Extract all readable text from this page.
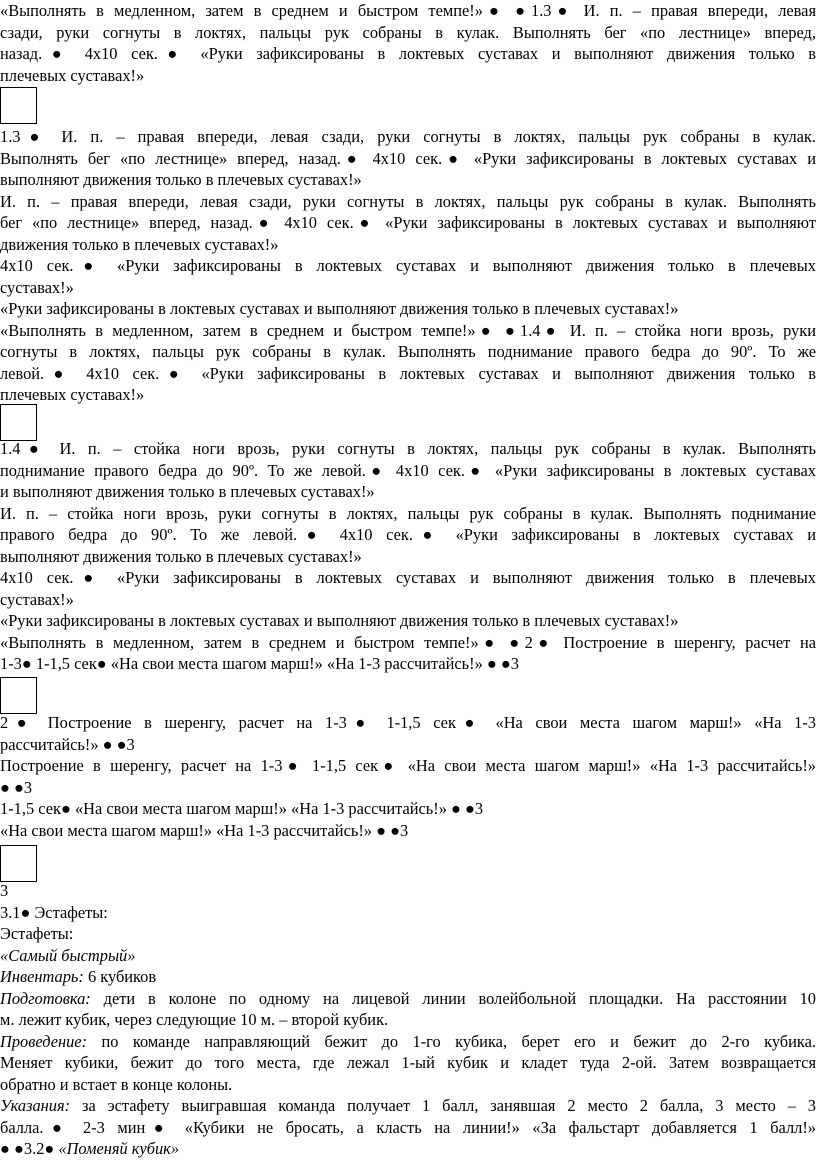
«Выполнять в медленном, затем в среднем и быстром темпе!»● ●1.3● И. п. – правая впереди, левая
сзади, руки согнуты в локтях, пальцы рук собраны в кулак. Выполнять бег «по лестнице» вперед,
назад.● 4х10 сек.● «Руки зафиксированы в локтевых суставах и выполняют движения только в
плечевых суставах!»
1.3● И. п. – правая впереди, левая сзади, руки согнуты в локтях, пальцы рук собраны в кулак.
Выполнять бег «по лестнице» вперед, назад.● 4х10 сек.● «Руки зафиксированы в локтевых суставах и
выполняют движения только в плечевых суставах!»
И. п. – правая впереди, левая сзади, руки согнуты в локтях, пальцы рук собраны в кулак. Выполнять
бег «по лестнице» вперед, назад.● 4х10 сек.● «Руки зафиксированы в локтевых суставах и выполняют
движения только в плечевых суставах!»
4х10 сек.● «Руки зафиксированы в локтевых суставах и выполняют движения только в плечевых
суставах!»
«Руки зафиксированы в локтевых суставах и выполняют движения только в плечевых суставах!»
«Выполнять в медленном, затем в среднем и быстром темпе!»● ●1.4● И. п. – стойка ноги врозь, руки
согнуты в локтях, пальцы рук собраны в кулак. Выполнять поднимание правого бедра до 90º. То же
левой.● 4х10 сек.● «Руки зафиксированы в локтевых суставах и выполняют движения только в
плечевых суставах!»
1.4● И. п. – стойка ноги врозь, руки согнуты в локтях, пальцы рук собраны в кулак. Выполнять
поднимание правого бедра до 90º. То же левой.● 4х10 сек.● «Руки зафиксированы в локтевых суставах
и выполняют движения только в плечевых суставах!»
И. п. – стойка ноги врозь, руки согнуты в локтях, пальцы рук собраны в кулак. Выполнять поднимание
правого бедра до 90º. То же левой.● 4х10 сек.● «Руки зафиксированы в локтевых суставах и
выполняют движения только в плечевых суставах!»
4х10 сек.● «Руки зафиксированы в локтевых суставах и выполняют движения только в плечевых
суставах!»
«Руки зафиксированы в локтевых суставах и выполняют движения только в плечевых суставах!»
«Выполнять в медленном, затем в среднем и быстром темпе!»● ●2● Построение в шеренгу, расчет на
1-3● 1-1,5 сек● «На свои места шагом марш!» «На 1-3 рассчитайсь!» ● ●3
2● Построение в шеренгу, расчет на 1-3● 1-1,5 сек● «На свои места шагом марш!» «На 1-3
рассчитайсь!» ● ●3
Построение в шеренгу, расчет на 1-3● 1-1,5 сек● «На свои места шагом марш!» «На 1-3 рассчитайсь!»
● ●3
1-1,5 сек● «На свои места шагом марш!» «На 1-3 рассчитайсь!» ● ●3
«На свои места шагом марш!» «На 1-3 рассчитайсь!» ● ●3
3
3.1● Эстафеты:
Эстафеты:
«Самый быстрый»
Инвентарь: 6 кубиков
Подготовка: дети в колоне по одному на лицевой линии волейбольной площадки. На расстоянии 10
м. лежит кубик, через следующие 10 м. – второй кубик.
Проведение: по команде направляющий бежит до 1-го кубика, берет его и бежит до 2-го кубика.
Меняет кубики, бежит до того места, где лежал 1-ый кубик и кладет туда 2-ой. Затем возвращается
обратно и встает в конце колоны.
Указания: за эстафету выигравшая команда получает 1 балл, занявшая 2 место 2 балла, 3 место – 3
балла.● 2-3 мин● «Кубики не бросать, а класть на линии!» «За фальстарт добавляется 1 балл!»
● ●3.2● «Поменяй кубик»
